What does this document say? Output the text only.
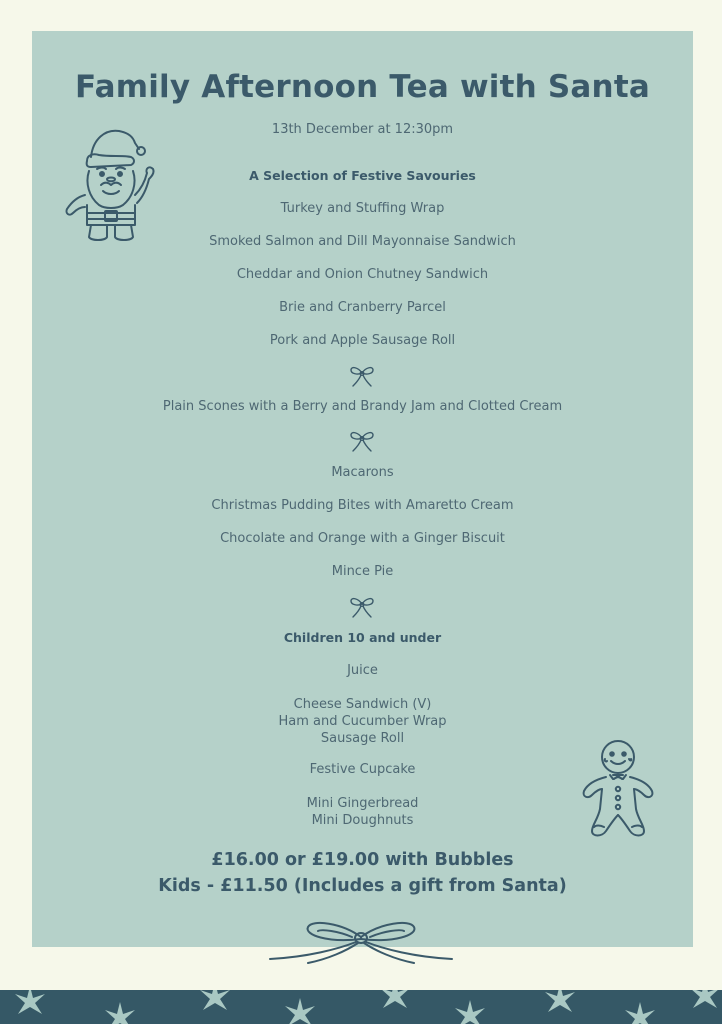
Family Afternoon Tea with Santa
13th December at 12:30pm
A Selection of Festive Savouries
Turkey and Stuffing Wrap
Smoked Salmon and Dill Mayonnaise Sandwich
Cheddar and Onion Chutney Sandwich
Brie and Cranberry Parcel
Pork and Apple Sausage Roll
Plain Scones with a Berry and Brandy Jam and Clotted Cream
Macarons
Christmas Pudding Bites with Amaretto Cream
Chocolate and Orange with a Ginger Biscuit
Mince Pie
Children 10 and under
Juice
Cheese Sandwich (V)
Ham and Cucumber Wrap
Sausage Roll
Festive Cupcake
Mini Gingerbread
Mini Doughnuts
£16.00 or £19.00 with Bubbles
Kids - £11.50 (Includes a gift from Santa)
